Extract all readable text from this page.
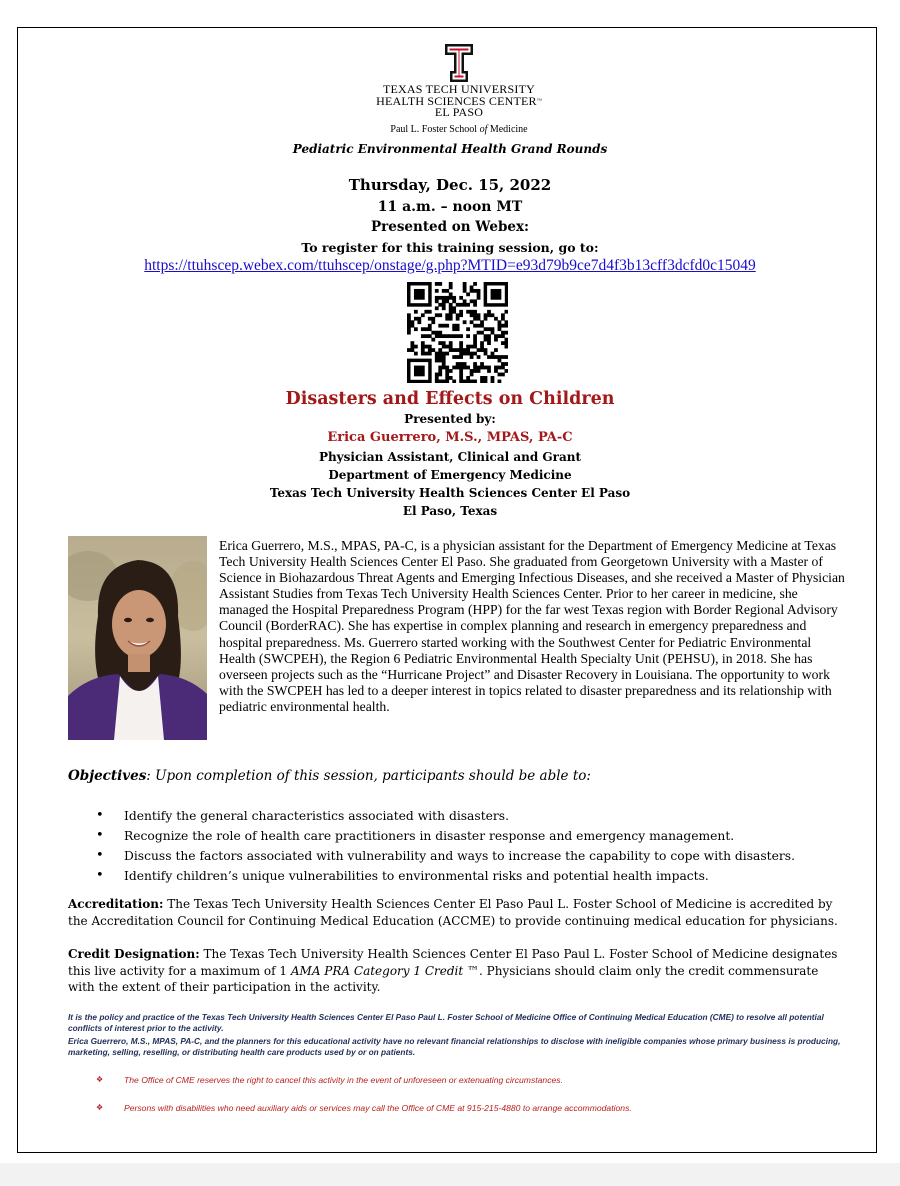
TEXAS TECH UNIVERSITY
HEALTH SCIENCES CENTER™
EL PASO
Paul L. Foster School of Medicine
Pediatric Environmental Health Grand Rounds
Thursday, Dec. 15, 2022
11 a.m. – noon MT
Presented on Webex:
To register for this training session, go to:
https://ttuhscep.webex.com/ttuhscep/onstage/g.php?MTID=e93d79b9ce7d4f3b13cff3dcfd0c15049
Disasters and Effects on Children
Presented by:
Erica Guerrero, M.S., MPAS, PA-C
Physician Assistant, Clinical and Grant
Department of Emergency Medicine
Texas Tech University Health Sciences Center El Paso
El Paso, Texas
Erica Guerrero, M.S., MPAS, PA-C, is a physician assistant for the Department of Emergency Medicine at Texas Tech University Health Sciences Center El Paso. She graduated from Georgetown University with a Master of Science in Biohazardous Threat Agents and Emerging Infectious Diseases, and she received a Master of Physician Assistant Studies from Texas Tech University Health Sciences Center. Prior to her career in medicine, she managed the Hospital Preparedness Program (HPP) for the far west Texas region with Border Regional Advisory Council (BorderRAC). She has expertise in complex planning and research in emergency preparedness and hospital preparedness. Ms. Guerrero started working with the Southwest Center for Pediatric Environmental Health (SWCPEH), the Region 6 Pediatric Environmental Health Specialty Unit (PEHSU), in 2018. She has overseen projects such as the “Hurricane Project” and Disaster Recovery in Louisiana. The opportunity to work with the SWCPEH has led to a deeper interest in topics related to disaster preparedness and its relationship with pediatric environmental health.
Objectives: Upon completion of this session, participants should be able to:
• Identify the general characteristics associated with disasters.
• Recognize the role of health care practitioners in disaster response and emergency management.
• Discuss the factors associated with vulnerability and ways to increase the capability to cope with disasters.
• Identify children’s unique vulnerabilities to environmental risks and potential health impacts.
Accreditation: The Texas Tech University Health Sciences Center El Paso Paul L. Foster School of Medicine is accredited by the Accreditation Council for Continuing Medical Education (ACCME) to provide continuing medical education for physicians.
Credit Designation: The Texas Tech University Health Sciences Center El Paso Paul L. Foster School of Medicine designates this live activity for a maximum of 1 AMA PRA Category 1 Credit ™. Physicians should claim only the credit commensurate with the extent of their participation in the activity.
It is the policy and practice of the Texas Tech University Health Sciences Center El Paso Paul L. Foster School of Medicine Office of Continuing Medical Education (CME) to resolve all potential conflicts of interest prior to the activity.
Erica Guerrero, M.S., MPAS, PA-C, and the planners for this educational activity have no relevant financial relationships to disclose with ineligible companies whose primary business is producing, marketing, selling, reselling, or distributing health care products used by or on patients.
❖ The Office of CME reserves the right to cancel this activity in the event of unforeseen or extenuating circumstances.
❖ Persons with disabilities who need auxiliary aids or services may call the Office of CME at 915-215-4880 to arrange accommodations.
